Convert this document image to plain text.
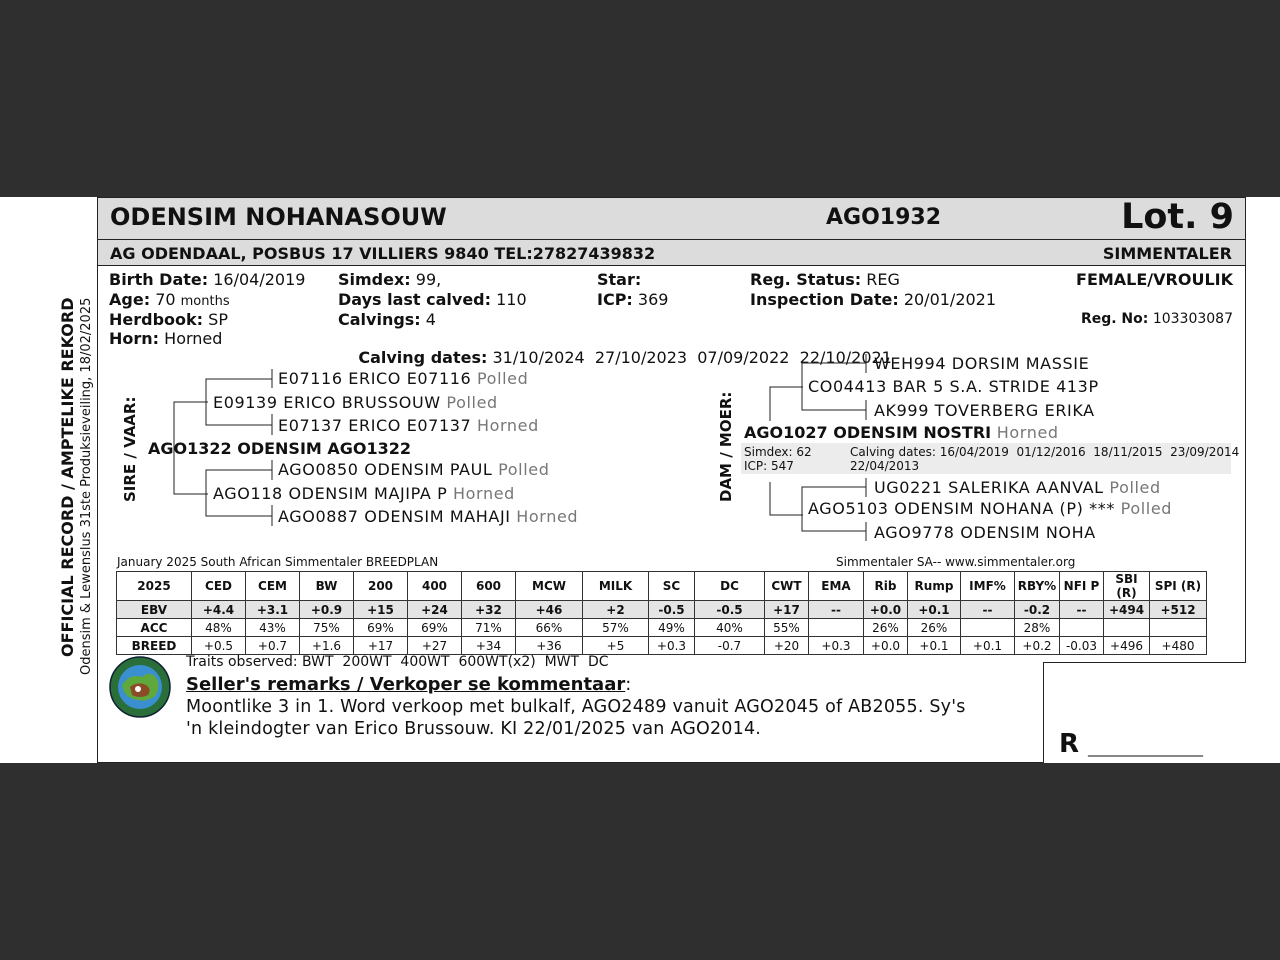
OFFICIAL RECORD / AMPTELIKE REKORD Odensim & Lewenslus 31ste Produksieveiling, 18/02/2025
ODENSIM NOHANASOUW	AGO1932	Lot. 9
AG ODENDAAL, POSBUS 17 VILLIERS 9840 TEL:27827439832	SIMMENTALER
Birth Date: 16/04/2019
Age: 70 months
Herdbook: SP
Horn: Horned
Simdex: 99,
Days last calved: 110
Calvings: 4

Calving dates: 31/10/2024  27/10/2023  07/09/2022  22/10/2021

Star:
ICP: 369
Reg. Status: REG
Inspection Date: 20/01/2021
FEMALE/VROULIK
Reg. No: 103303087
SIRE / VAAR: AGO1322 ODENSIM AGO1322
E09139 ERICO BRUSSOUW Polled
E07116 ERICO E07116 Polled
E07137 ERICO E07137 Horned
AGO118 ODENSIM MAJIPA P Horned
AGO0850 ODENSIM PAUL Polled
AGO0887 ODENSIM MAHAJI Horned
DAM / MOER: AGO1027 ODENSIM NOSTRI Horned
Simdex: 62
ICP: 547
Calving dates: 16/04/2019  01/12/2016  18/11/2015  23/09/2014
22/04/2013
CO04413 BAR 5 S.A. STRIDE 413P
WEH994 DORSIM MASSIE
AK999 TOVERBERG ERIKA
AGO5103 ODENSIM NOHANA (P) *** Polled
UG0221 SALERIKA AANVAL Polled
AGO9778 ODENSIM NOHA
January 2025 South African Simmentaler BREEDPLAN	Simmentaler SA-- www.simmentaler.org
2025	CED	CEM	BW	200	400	600	MCW	MILK	SC	DC	CWT	EMA	Rib	Rump	IMF%	RBY%	NFI P	SBI (R)	SPI (R)
EBV	+4.4	+3.1	+0.9	+15	+24	+32	+46	+2	-0.5	-0.5	+17	--	+0.0	+0.1	--	-0.2	--	+494	+512
ACC	48%	43%	75%	69%	69%	71%	66%	57%	49%	40%	55%		26%	26%		28%			
BREED	+0.5	+0.7	+1.6	+17	+27	+34	+36	+5	+0.3	-0.7	+20	+0.3	+0.0	+0.1	+0.1	+0.2	-0.03	+496	+480
Traits observed: BWT  200WT  400WT  600WT(x2)  MWT  DC
Seller's remarks / Verkoper se kommentaar:
Moontlike 3 in 1. Word verkoop met bulkalf, AGO2489 vanuit AGO2045 of AB2055. Sy's 'n kleindogter van Erico Brussouw. KI 22/01/2025 van AGO2014.	R ___________________
